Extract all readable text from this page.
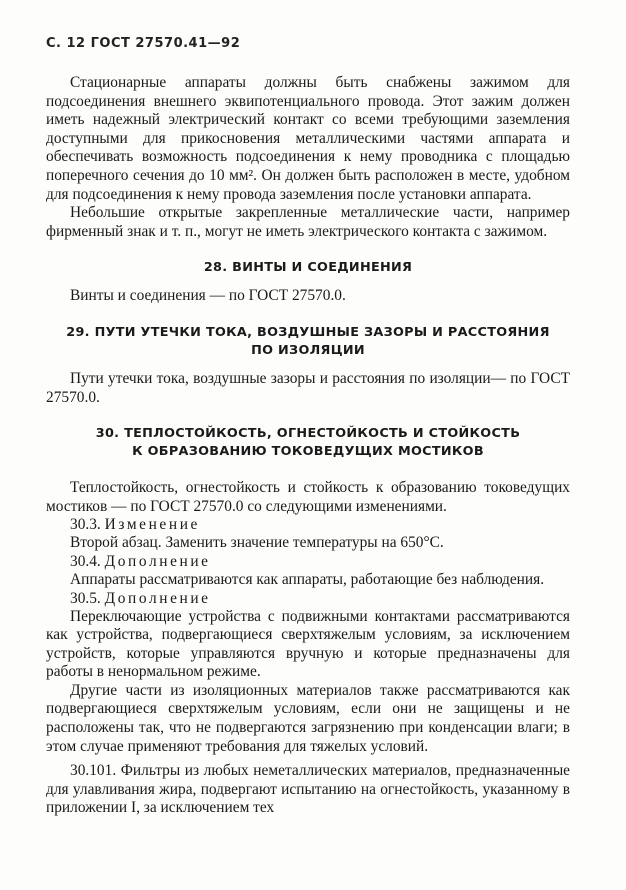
С. 12 ГОСТ 27570.41—92

Стационарные аппараты должны быть снабжены зажимом для подсоединения внешнего эквипотенциального провода. Этот зажим должен иметь надежный электрический контакт со всеми требующими заземления доступными для прикосновения металлическими частями аппарата и обеспечивать возможность подсоединения к нему проводника с площадью поперечного сечения до 10 мм². Он должен быть расположен в месте, удобном для подсоединения к нему провода заземления после установки аппарата.

Небольшие открытые закрепленные металлические части, например фирменный знак и т. п., могут не иметь электрического контакта с зажимом.

28. ВИНТЫ И СОЕДИНЕНИЯ

Винты и соединения — по ГОСТ 27570.0.

29. ПУТИ УТЕЧКИ ТОКА, ВОЗДУШНЫЕ ЗАЗОРЫ И РАССТОЯНИЯ

ПО ИЗОЛЯЦИИ

Пути утечки тока, воздушные зазоры и расстояния по изоляции— по ГОСТ 27570.0.

30. ТЕПЛОСТОЙКОСТЬ, ОГНЕСТОЙКОСТЬ И СТОЙКОСТЬ

К ОБРАЗОВАНИЮ ТОКОВЕДУЩИХ МОСТИКОВ

Теплостойкость, огнестойкость и стойкость к образованию токоведущих мостиков — по ГОСТ 27570.0 со следующими изменениями.

30.3. Изменение

Второй абзац. Заменить значение температуры на 650°С.

30.4. Дополнение

Аппараты рассматриваются как аппараты, работающие без наблюдения.

30.5. Дополнение

Переключающие устройства с подвижными контактами рассматриваются как устройства, подвергающиеся сверхтяжелым условиям, за исключением устройств, которые управляются вручную и которые предназначены для работы в ненормальном режиме.

Другие части из изоляционных материалов также рассматриваются как подвергающиеся сверхтяжелым условиям, если они не защищены и не расположены так, что не подвергаются загрязнению при конденсации влаги; в этом случае применяют требования для тяжелых условий.

30.101. Фильтры из любых неметаллических материалов, предназначенные для улавливания жира, подвергают испытанию на огнестойкость, указанному в приложении I, за исключением тех
